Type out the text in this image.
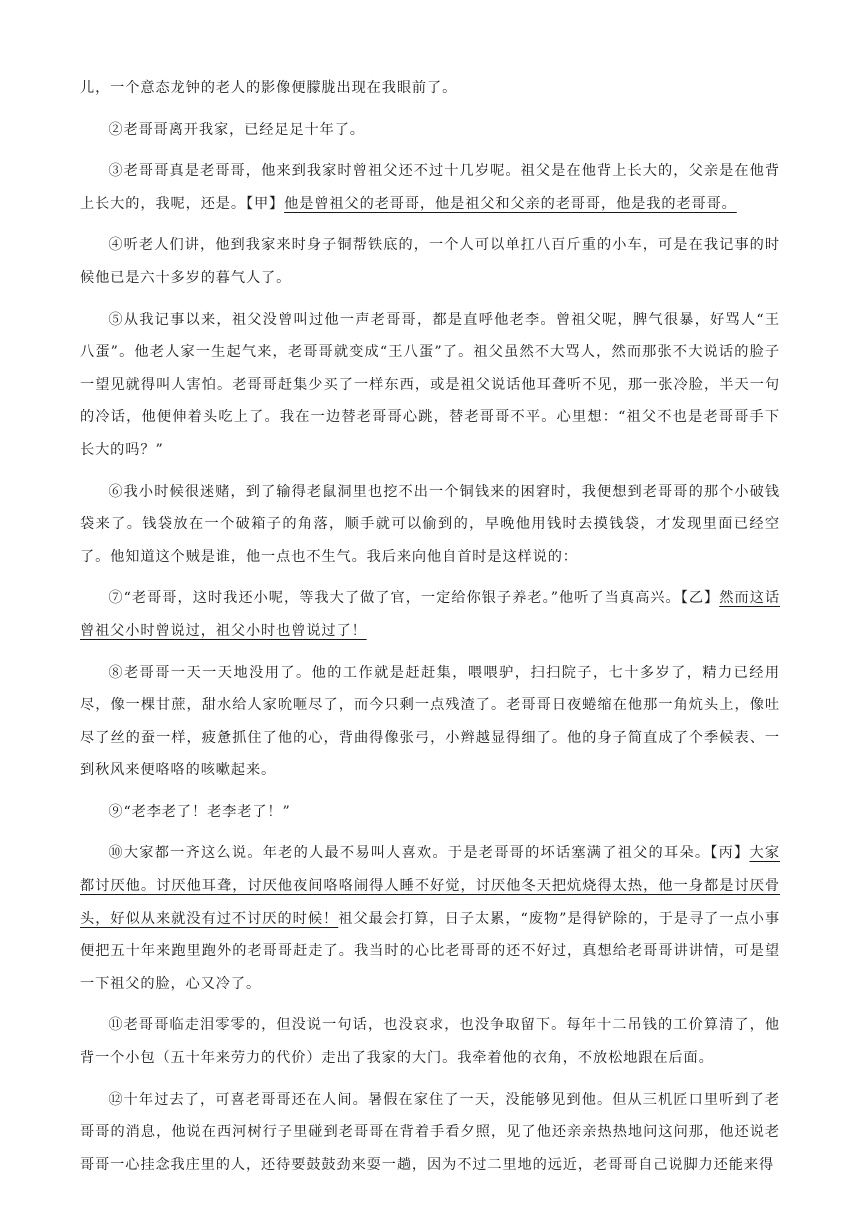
儿，一个意态龙钟的老人的影像便朦胧出现在我眼前了。

②老哥哥离开我家，已经足足十年了。

③老哥哥真是老哥哥，他来到我家时曾祖父还不过十几岁呢。祖父是在他背上长大的，父亲是在他背上长大的，我呢，还是。【甲】他是曾祖父的老哥哥，他是祖父和父亲的老哥哥，他是我的老哥哥。

④听老人们讲，他到我家来时身子铜帮铁底的，一个人可以单扛八百斤重的小车，可是在我记事的时候他已是六十多岁的暮气人了。

⑤从我记事以来，祖父没曾叫过他一声老哥哥，都是直呼他老李。曾祖父呢，脾气很暴，好骂人“王八蛋”。他老人家一生起气来，老哥哥就变成“王八蛋”了。祖父虽然不大骂人，然而那张不大说话的脸子一望见就得叫人害怕。老哥哥赶集少买了一样东西，或是祖父说话他耳聋听不见，那一张冷脸，半天一句的冷话，他便伸着头吃上了。我在一边替老哥哥心跳，替老哥哥不平。心里想：“祖父不也是老哥哥手下长大的吗？”

⑥我小时候很迷赌，到了输得老鼠洞里也挖不出一个铜钱来的困窘时，我便想到老哥哥的那个小破钱袋来了。钱袋放在一个破箱子的角落，顺手就可以偷到的，早晚他用钱时去摸钱袋，才发现里面已经空了。他知道这个贼是谁，他一点也不生气。我后来向他自首时是这样说的：

⑦“老哥哥，这时我还小呢，等我大了做了官，一定给你银子养老。”他听了当真高兴。【乙】然而这话曾祖父小时曾说过，祖父小时也曾说过了！

⑧老哥哥一天一天地没用了。他的工作就是赶赶集，喂喂驴，扫扫院子，七十多岁了，精力已经用尽，像一棵甘蔗，甜水给人家吮咂尽了，而今只剩一点残渣了。老哥哥日夜蜷缩在他那一角炕头上，像吐尽了丝的蚕一样，疲惫抓住了他的心，背曲得像张弓，小辫越显得细了。他的身子简直成了个季候表、一到秋风来便咯咯的咳嗽起来。

⑨“老李老了！老李老了！”

⑩大家都一齐这么说。年老的人最不易叫人喜欢。于是老哥哥的坏话塞满了祖父的耳朵。【丙】大家都讨厌他。讨厌他耳聋，讨厌他夜间咯咯闹得人睡不好觉，讨厌他冬天把炕烧得太热，他一身都是讨厌骨头，好似从来就没有过不讨厌的时候！祖父最会打算，日子太累，“废物”是得铲除的，于是寻了一点小事便把五十年来跑里跑外的老哥哥赶走了。我当时的心比老哥哥的还不好过，真想给老哥哥讲讲情，可是望一下祖父的脸，心又冷了。

⑪老哥哥临走泪零零的，但没说一句话，也没哀求，也没争取留下。每年十二吊钱的工价算清了，他背一个小包（五十年来劳力的代价）走出了我家的大门。我牵着他的衣角，不放松地跟在后面。

⑫十年过去了，可喜老哥哥还在人间。暑假在家住了一天，没能够见到他。但从三机匠口里听到了老哥哥的消息，他说在西河树行子里碰到老哥哥在背着手看夕照，见了他还亲亲热热地问这问那，他还说老哥哥一心挂念我庄里的人，还待要鼓鼓劲来耍一趟，因为不过二里地的远近，老哥哥自己说脚力还能来得
